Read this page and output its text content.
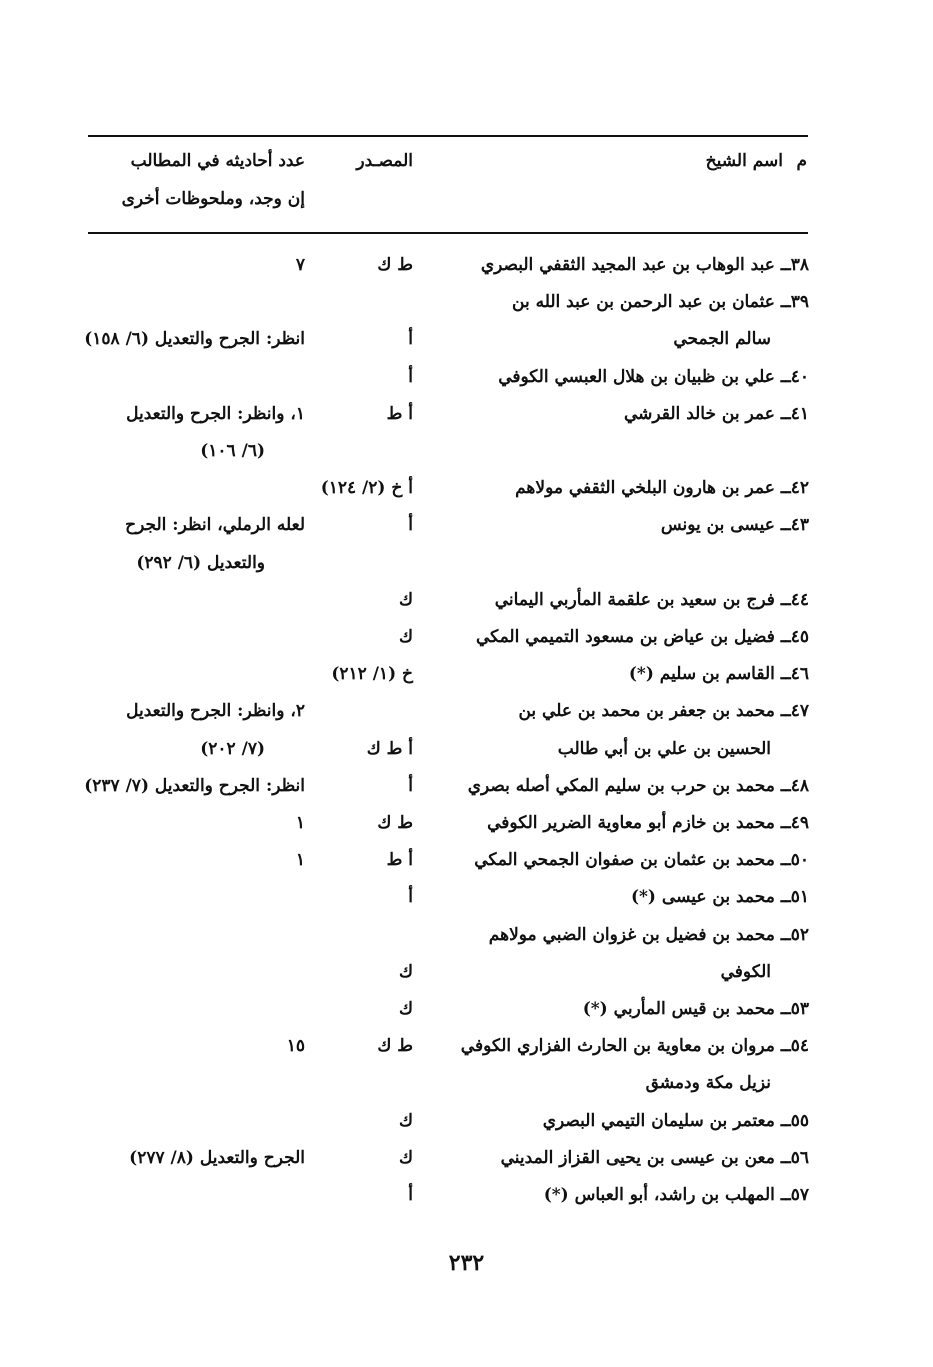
م
اسم الشيخ
المصـدر
عدد أحاديثه في المطالب
إن وجد، وملحوظات أخرى
٣٨ــ عبد الوهاب بن عبد المجيد الثقفي البصري
ط ك
٧
٣٩ــ عثمان بن عبد الرحمن بن عبد الله بن
سالم الجمحي
أ
انظر: الجرح والتعديل (٦/ ١٥٨)
٤٠ــ علي بن ظبيان بن هلال العبسي الكوفي
أ
٤١ــ عمر بن خالد القرشي
أ ط
١، وانظر: الجرح والتعديل
(٦/ ١٠٦)
٤٢ــ عمر بن هارون البلخي الثقفي مولاهم
أ خ (٢/ ١٢٤)
٤٣ــ عيسى بن يونس
أ
لعله الرملي، انظر: الجرح
والتعديل (٦/ ٢٩٢)
٤٤ــ فرج بن سعيد بن علقمة المأربي اليماني
ك
٤٥ــ فضيل بن عياض بن مسعود التميمي المكي
ك
٤٦ــ القاسم بن سليم (*)
خ (١/ ٢١٢)
٤٧ــ محمد بن جعفر بن محمد بن علي بن
٢، وانظر: الجرح والتعديل
الحسين بن علي بن أبي طالب
أ ط ك
(٧/ ٢٠٢)
٤٨ــ محمد بن حرب بن سليم المكي أصله بصري
أ
انظر: الجرح والتعديل (٧/ ٢٣٧)
٤٩ــ محمد بن خازم أبو معاوية الضرير الكوفي
ط ك
١
٥٠ــ محمد بن عثمان بن صفوان الجمحي المكي
أ ط
١
٥١ــ محمد بن عيسى (*)
أ
٥٢ــ محمد بن فضيل بن غزوان الضبي مولاهم
الكوفي
ك
٥٣ــ محمد بن قيس المأربي (*)
ك
٥٤ــ مروان بن معاوية بن الحارث الفزاري الكوفي
ط ك
١٥
نزيل مكة ودمشق
٥٥ــ معتمر بن سليمان التيمي البصري
ك
٥٦ــ معن بن عيسى بن يحيى القزاز المديني
ك
الجرح والتعديل (٨/ ٢٧٧)
٥٧ــ المهلب بن راشد، أبو العباس (*)
أ
٢٣٢
